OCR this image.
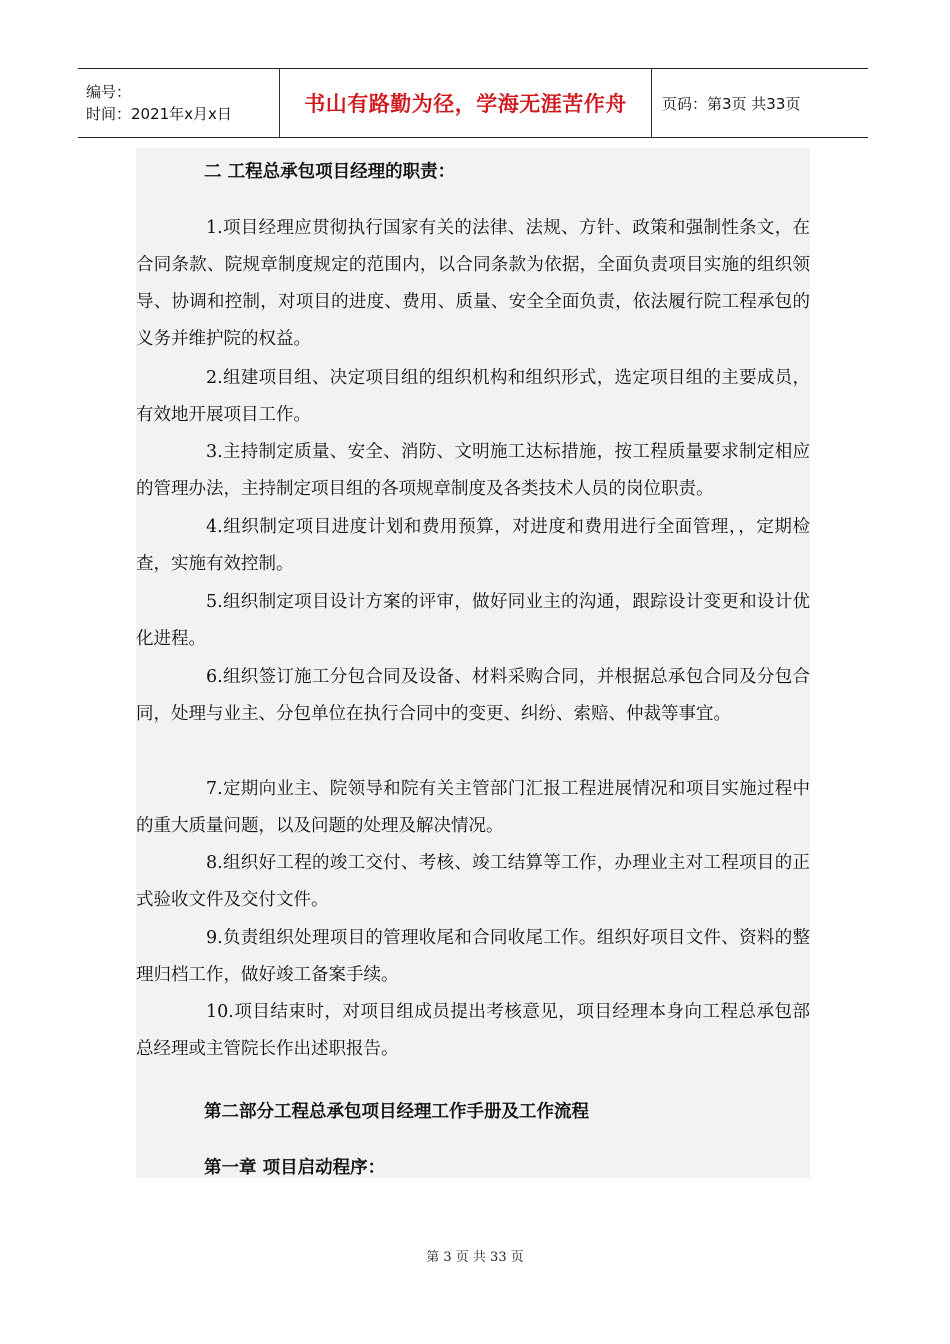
编号：
时间：2021年x月x日	书山有路勤为径，学海无涯苦作舟 页码：第3页 共33页
二 工程总承包项目经理的职责：

1.项目经理应贯彻执行国家有关的法律、法规、方针、政策和强制性条文，在合同条款、院规章制度规定的范围内，以合同条款为依据，全面负责项目实施的组织领导、协调和控制，对项目的进度、费用、质量、安全全面负责，依法履行院工程承包的义务并维护院的权益。

2.组建项目组、决定项目组的组织机构和组织形式，选定项目组的主要成员，有效地开展项目工作。

3.主持制定质量、安全、消防、文明施工达标措施，按工程质量要求制定相应的管理办法，主持制定项目组的各项规章制度及各类技术人员的岗位职责。

4.组织制定项目进度计划和费用预算，对进度和费用进行全面管理，，定期检查，实施有效控制。

5.组织制定项目设计方案的评审，做好同业主的沟通，跟踪设计变更和设计优化进程。

6.组织签订施工分包合同及设备、材料采购合同，并根据总承包合同及分包合同，处理与业主、分包单位在执行合同中的变更、纠纷、索赔、仲裁等事宜。

7.定期向业主、院领导和院有关主管部门汇报工程进展情况和项目实施过程中的重大质量问题，以及问题的处理及解决情况。

8.组织好工程的竣工交付、考核、竣工结算等工作，办理业主对工程项目的正式验收文件及交付文件。

9.负责组织处理项目的管理收尾和合同收尾工作。组织好项目文件、资料的整理归档工作，做好竣工备案手续。

10.项目结束时，对项目组成员提出考核意见，项目经理本身向工程总承包部总经理或主管院长作出述职报告。

第二部分工程总承包项目经理工作手册及工作流程
第一章 项目启动程序：
第 3 页 共 33 页
